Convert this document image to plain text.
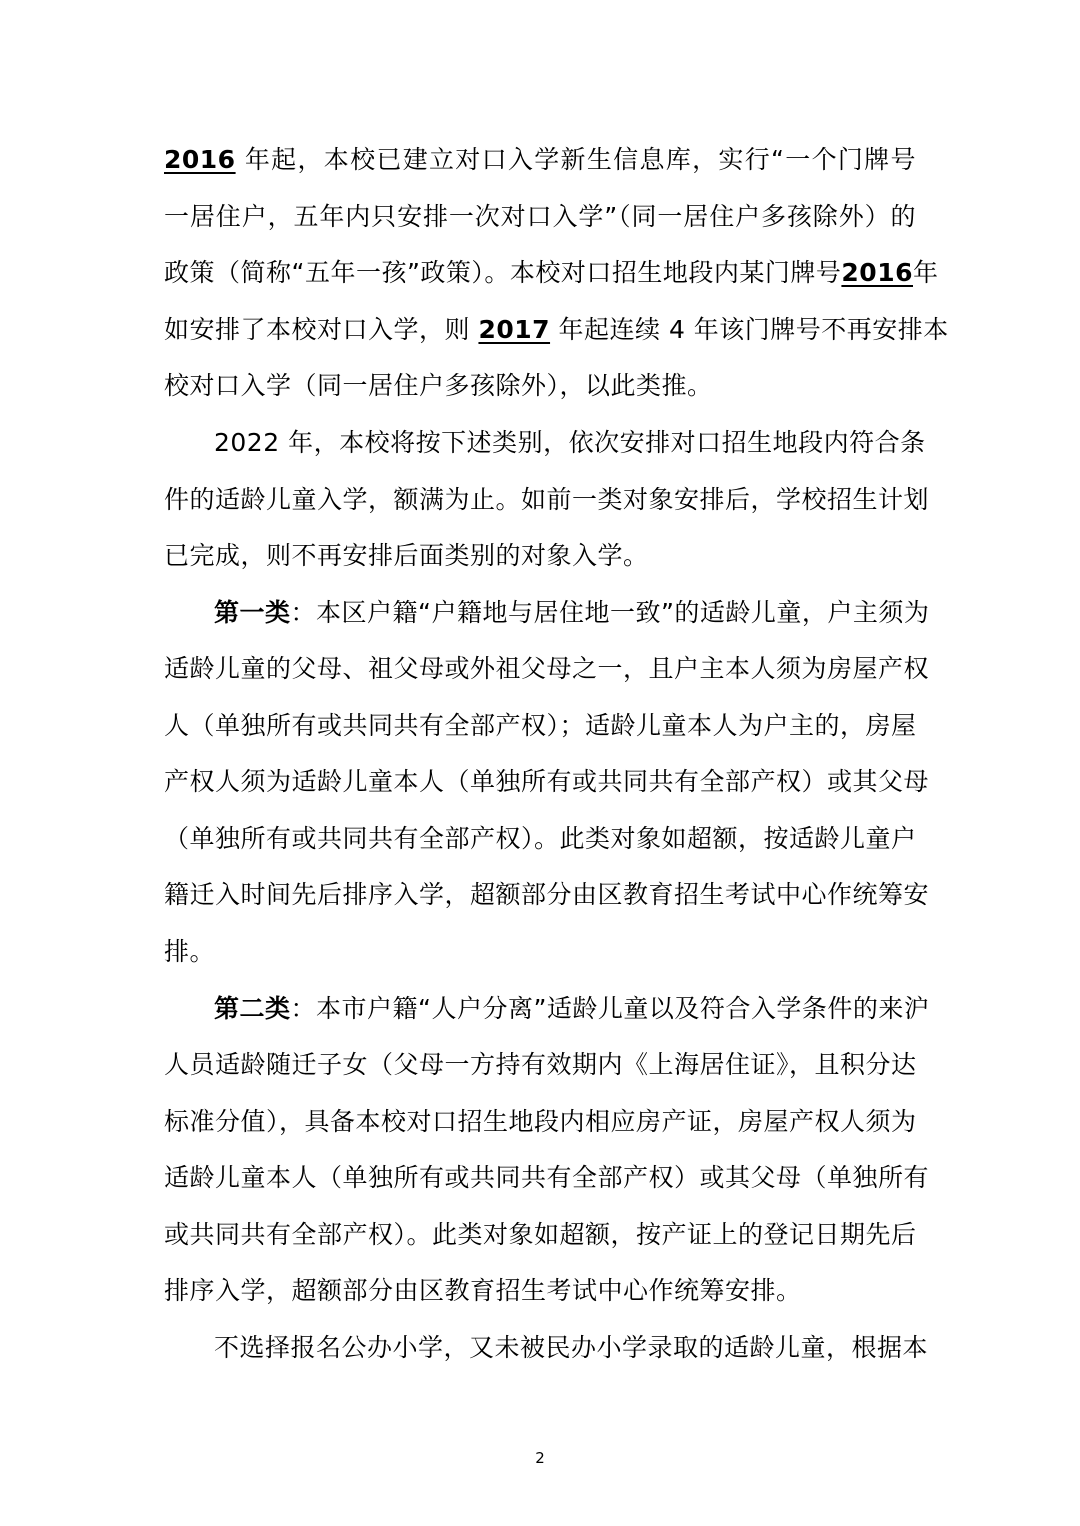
2016 年起，本校已建立对口入学新生信息库，实行“一个门牌号
一居住户，五年内只安排一次对口入学”（同一居住户多孩除外）的
政策（简称“五年一孩”政策）。本校对口招生地段内某门牌号2016年
如安排了本校对口入学，则 2017 年起连续 4 年该门牌号不再安排本
校对口入学（同一居住户多孩除外），以此类推。
2022 年，本校将按下述类别，依次安排对口招生地段内符合条
件的适龄儿童入学，额满为止。如前一类对象安排后，学校招生计划
已完成，则不再安排后面类别的对象入学。
第一类：本区户籍“户籍地与居住地一致”的适龄儿童，户主须为
适龄儿童的父母、祖父母或外祖父母之一，且户主本人须为房屋产权
人（单独所有或共同共有全部产权）；适龄儿童本人为户主的，房屋
产权人须为适龄儿童本人（单独所有或共同共有全部产权）或其父母
（单独所有或共同共有全部产权）。此类对象如超额，按适龄儿童户
籍迁入时间先后排序入学，超额部分由区教育招生考试中心作统筹安
排。
第二类：本市户籍“人户分离”适龄儿童以及符合入学条件的来沪
人员适龄随迁子女（父母一方持有效期内《上海居住证》，且积分达
标准分值），具备本校对口招生地段内相应房产证，房屋产权人须为
适龄儿童本人（单独所有或共同共有全部产权）或其父母（单独所有
或共同共有全部产权）。此类对象如超额，按产证上的登记日期先后
排序入学，超额部分由区教育招生考试中心作统筹安排。
不选择报名公办小学，又未被民办小学录取的适龄儿童，根据本
2
